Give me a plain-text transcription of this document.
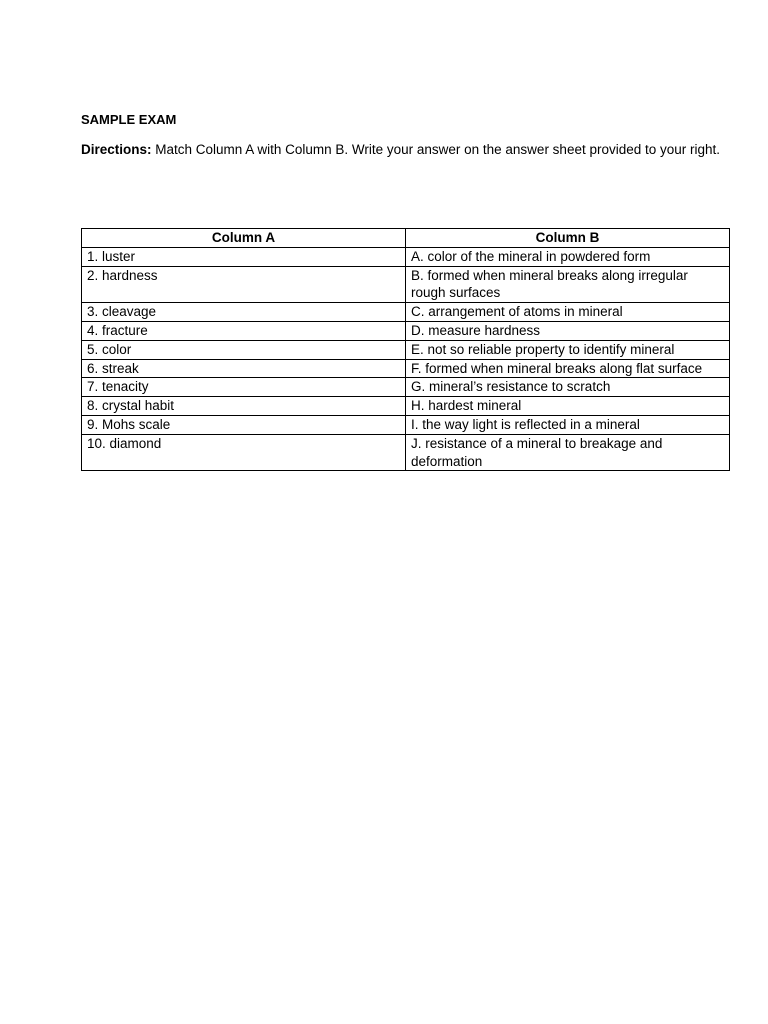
SAMPLE EXAM
Directions: Match Column A with Column B. Write your answer on the answer sheet provided to your right.
Column A	Column B
1. luster	A. color of the mineral in powdered form
2. hardness	B. formed when mineral breaks along irregular rough surfaces
3. cleavage	C. arrangement of atoms in mineral
4. fracture	D. measure hardness
5. color	E. not so reliable property to identify mineral
6. streak	F. formed when mineral breaks along flat surface
7. tenacity	G. mineral’s resistance to scratch
8. crystal habit	H. hardest mineral
9. Mohs scale	I. the way light is reflected in a mineral
10. diamond	J. resistance of a mineral to breakage and deformation
